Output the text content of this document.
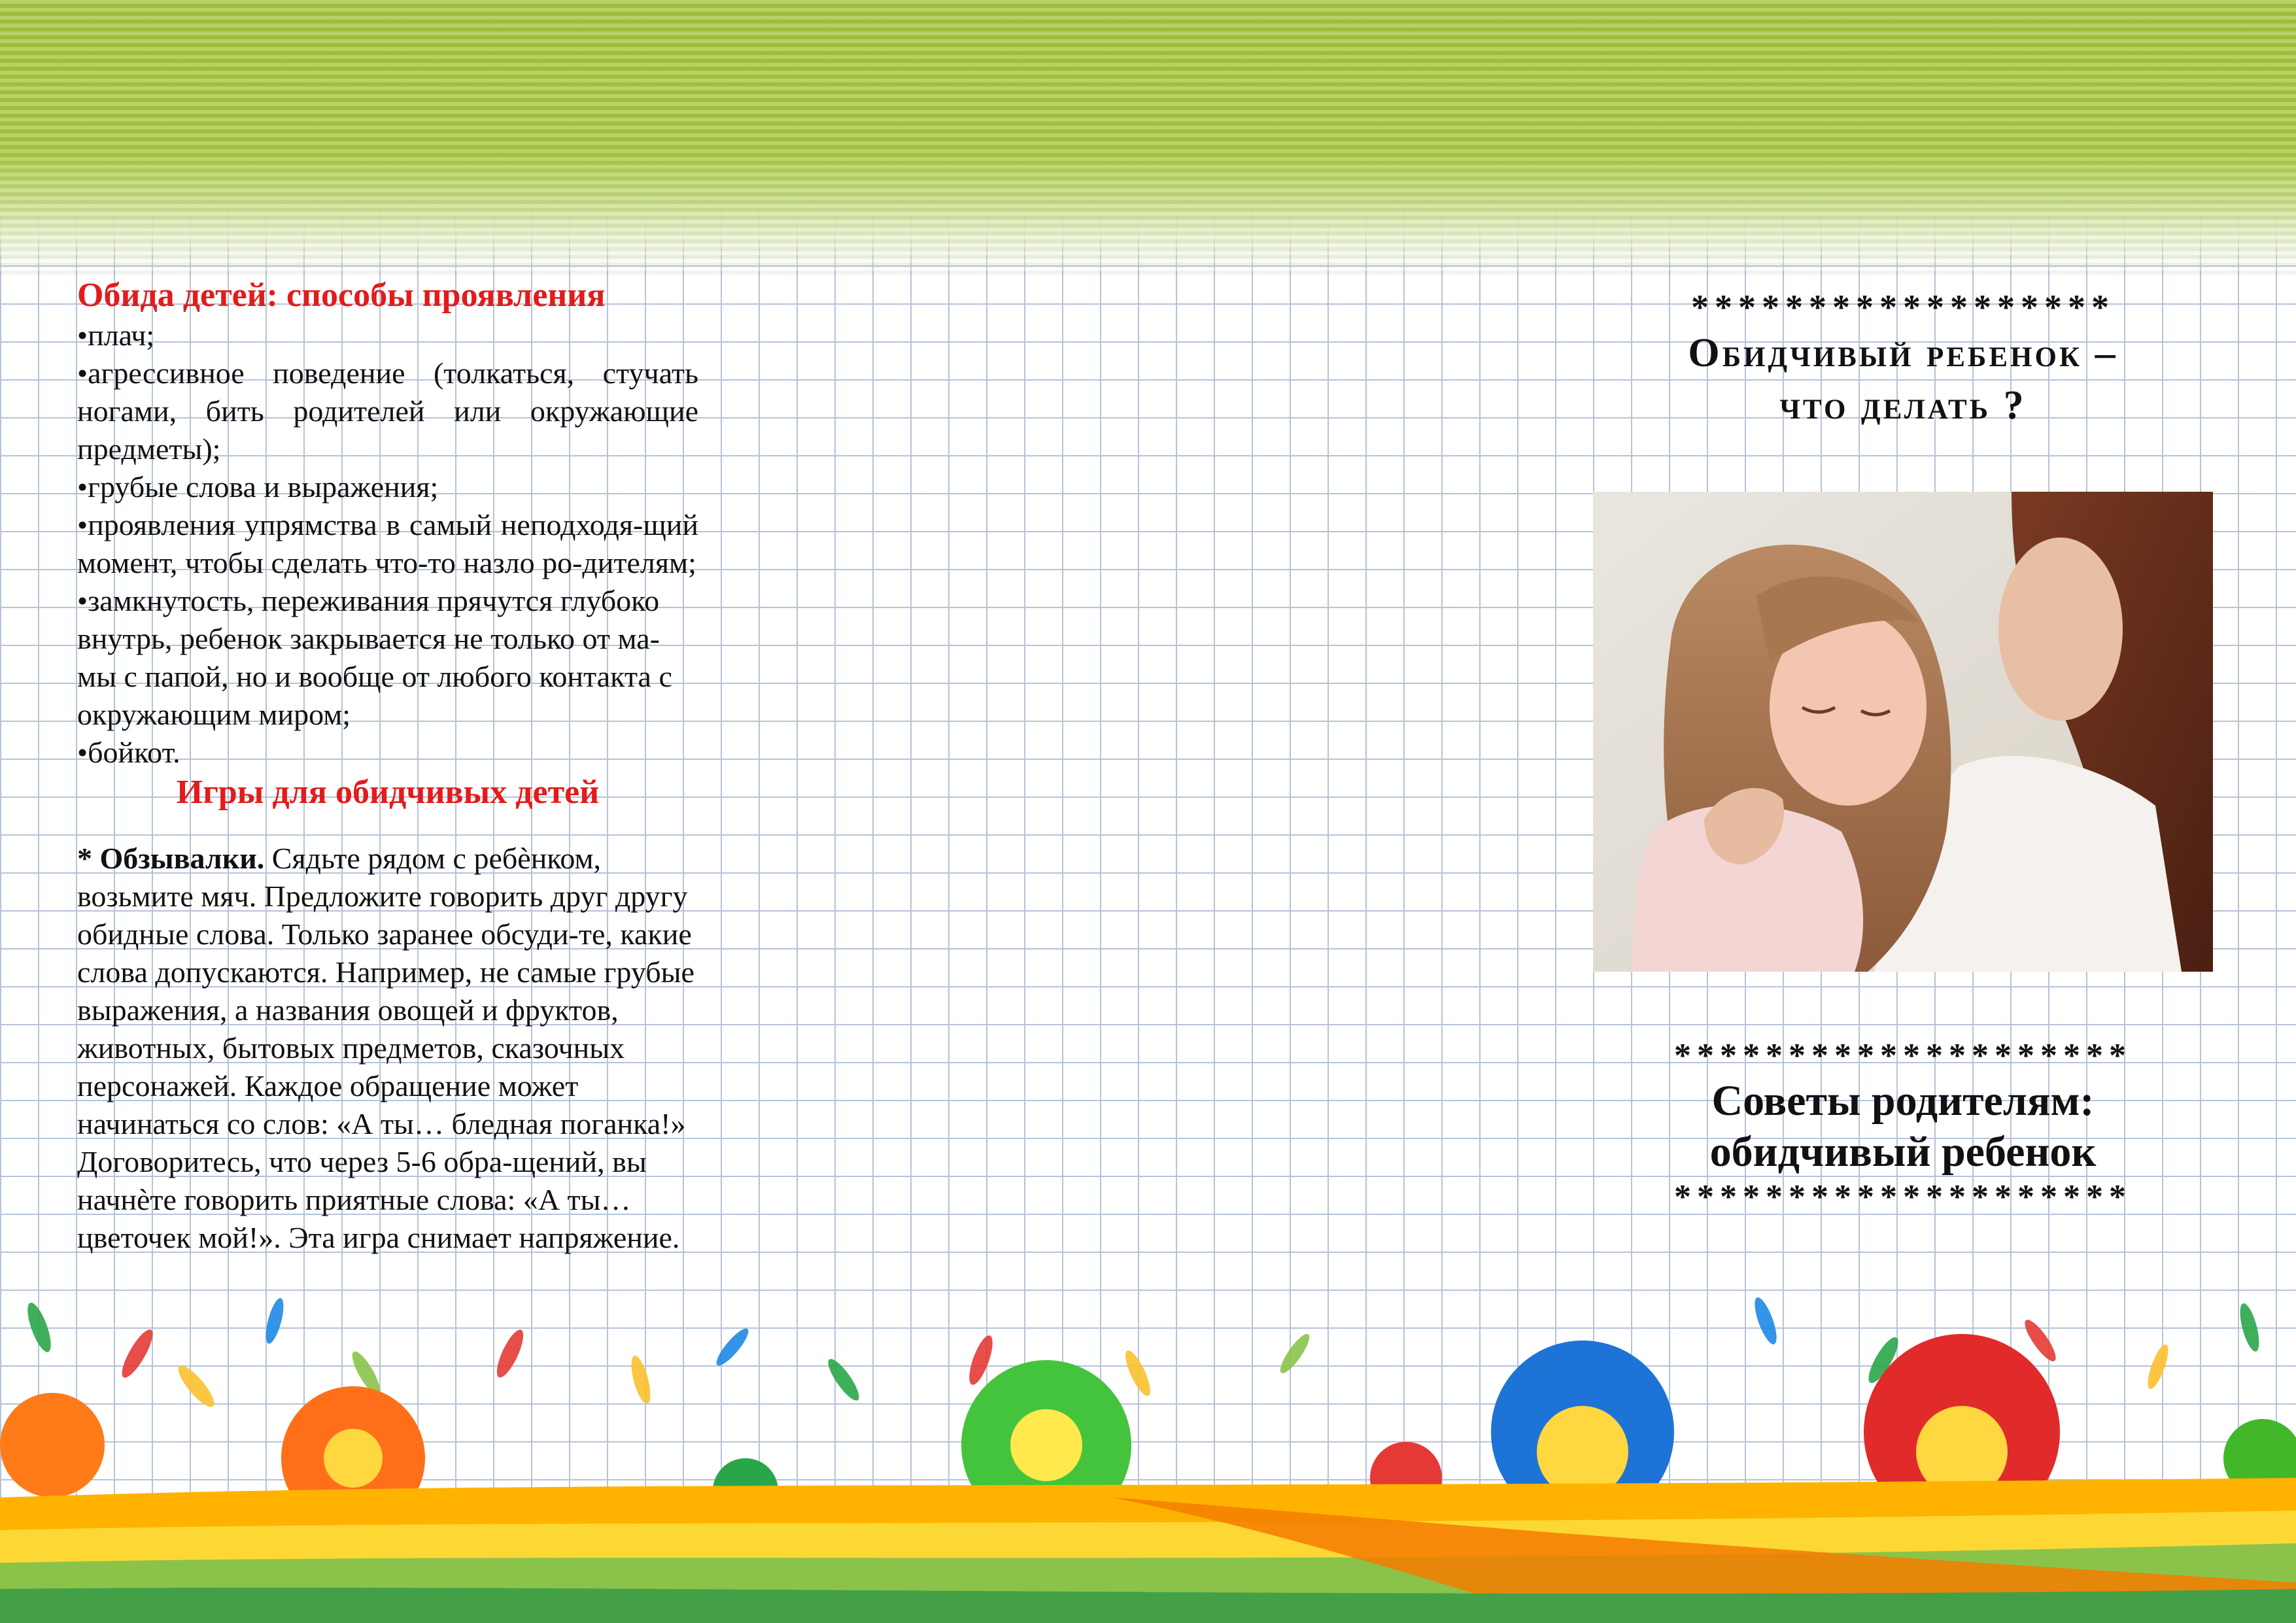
Обида детей: способы проявления

•плач;

•агрессивное поведение (толкаться, стучать ногами, бить родителей или окружающие предметы);

•грубые слова и выражения;

•проявления упрямства в самый неподходя-щий момент, чтобы сделать что-то назло ро-дителям;

•замкнутость, переживания прячутся глубоко внутрь, ребенок закрывается не только от ма-мы с папой, но и вообще от любого контакта с окружающим миром;

•бойкот.

Игры для обидчивых детей

* Обзывалки. Сядьте рядом с ребѐнком, возьмите мяч. Предложите говорить друг другу обидные слова. Только заранее обсуди-те, какие слова допускаются. Например, не самые грубые выражения, а названия овощей и фруктов, животных, бытовых предметов, сказочных персонажей. Каждое обращение может начинаться со слов: «А ты… бледная поганка!» Договоритесь, что через 5-6 обра-щений, вы начнѐте говорить приятные слова: «А ты… цветочек мой!». Эта игра снимает напряжение.

******************
Обидчивый ребенок –
что делать ?
********************
Советы родителям:
обидчивый ребенок
********************
